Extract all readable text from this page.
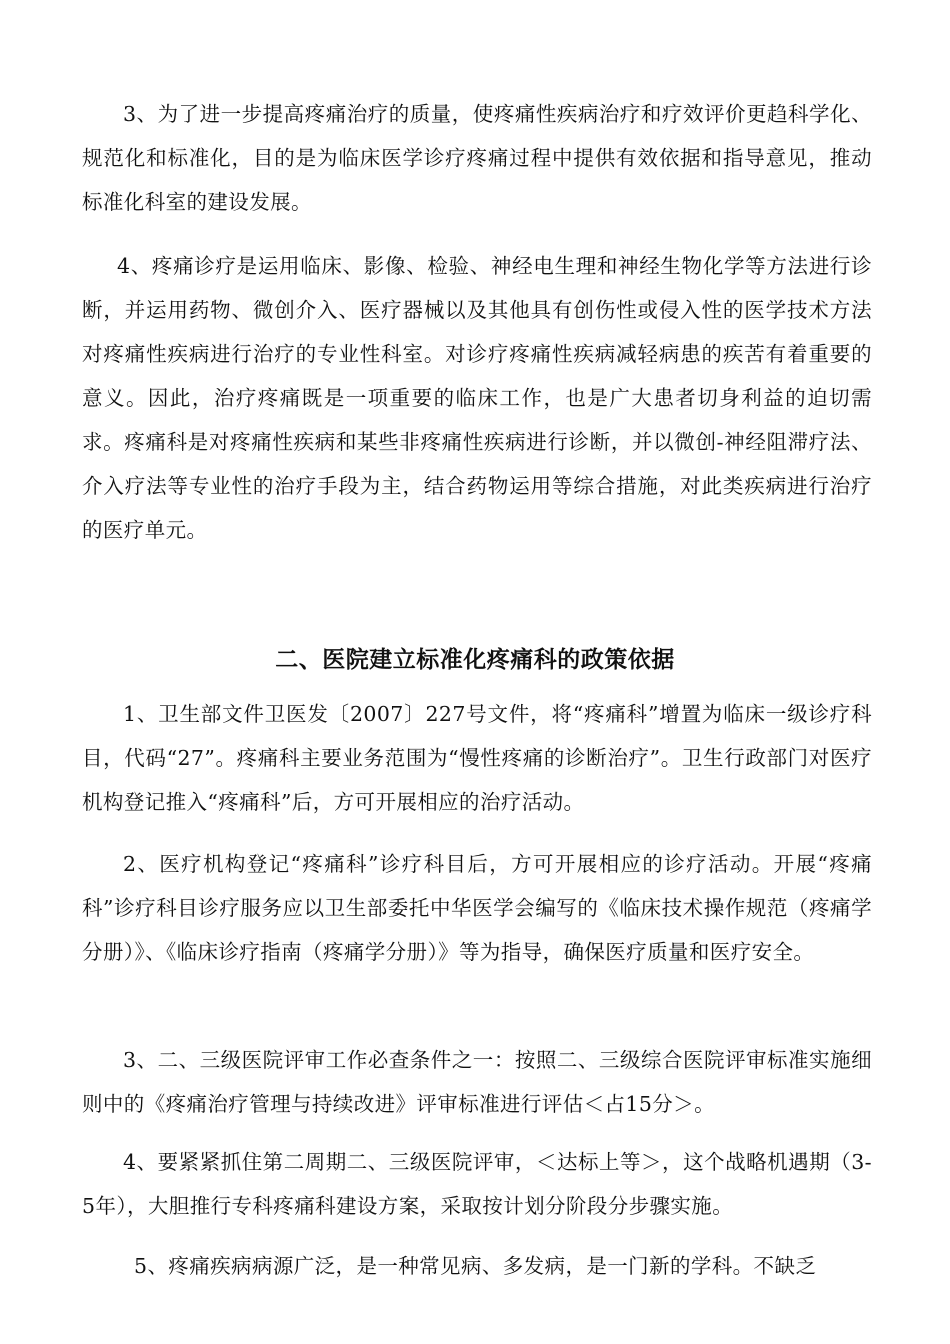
3、为了进一步提高疼痛治疗的质量，使疼痛性疾病治疗和疗效评价更趋科学化、规范化和标准化，目的是为临床医学诊疗疼痛过程中提供有效依据和指导意见，推动标准化科室的建设发展。

4、疼痛诊疗是运用临床、影像、检验、神经电生理和神经生物化学等方法进行诊断，并运用药物、微创介入、医疗器械以及其他具有创伤性或侵入性的医学技术方法对疼痛性疾病进行治疗的专业性科室。对诊疗疼痛性疾病减轻病患的疾苦有着重要的意义。因此，治疗疼痛既是一项重要的临床工作，也是广大患者切身利益的迫切需求。疼痛科是对疼痛性疾病和某些非疼痛性疾病进行诊断，并以微创-神经阻滞疗法、介入疗法等专业性的治疗手段为主，结合药物运用等综合措施，对此类疾病进行治疗的医疗单元。

二、医院建立标准化疼痛科的政策依据

1、卫生部文件卫医发〔2007〕227号文件，将“疼痛科”增置为临床一级诊疗科目，代码“27”。疼痛科主要业务范围为“慢性疼痛的诊断治疗”。卫生行政部门对医疗机构登记推入“疼痛科”后，方可开展相应的治疗活动。

2、医疗机构登记“疼痛科”诊疗科目后，方可开展相应的诊疗活动。开展“疼痛科”诊疗科目诊疗服务应以卫生部委托中华医学会编写的《临床技术操作规范（疼痛学分册）》、《临床诊疗指南（疼痛学分册）》等为指导，确保医疗质量和医疗安全。

3、二、三级医院评审工作必查条件之一：按照二、三级综合医院评审标准实施细则中的《疼痛治疗管理与持续改进》评审标准进行评估＜占15分＞。

4、要紧紧抓住第二周期二、三级医院评审，＜达标上等＞，这个战略机遇期（3-5年），大胆推行专科疼痛科建设方案，采取按计划分阶段分步骤实施。

5、疼痛疾病病源广泛，是一种常见病、多发病，是一门新的学科。不缺乏
